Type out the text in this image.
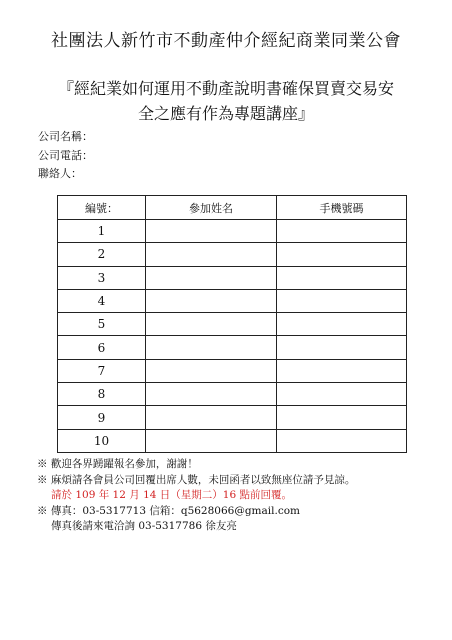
社團法人新竹市不動產仲介經紀商業同業公會
『經紀業如何運用不動產說明書確保買賣交易安
全之應有作為專題講座』
公司名稱：
公司電話：
聯絡人：
編號：	參加姓名	手機號碼
1		
2		
3		
4		
5		
6		
7		
8		
9		
10		
※ 歡迎各界踴躍報名參加，謝謝！
※ 麻煩請各會員公司回覆出席人數，未回函者以致無座位請予見諒。
請於 109 年 12 月 14 日（星期二）16 點前回覆。
※ 傳真：03-5317713 信箱：q5628066@gmail.com
傳真後請來電洽詢 03-5317786 徐友亮
